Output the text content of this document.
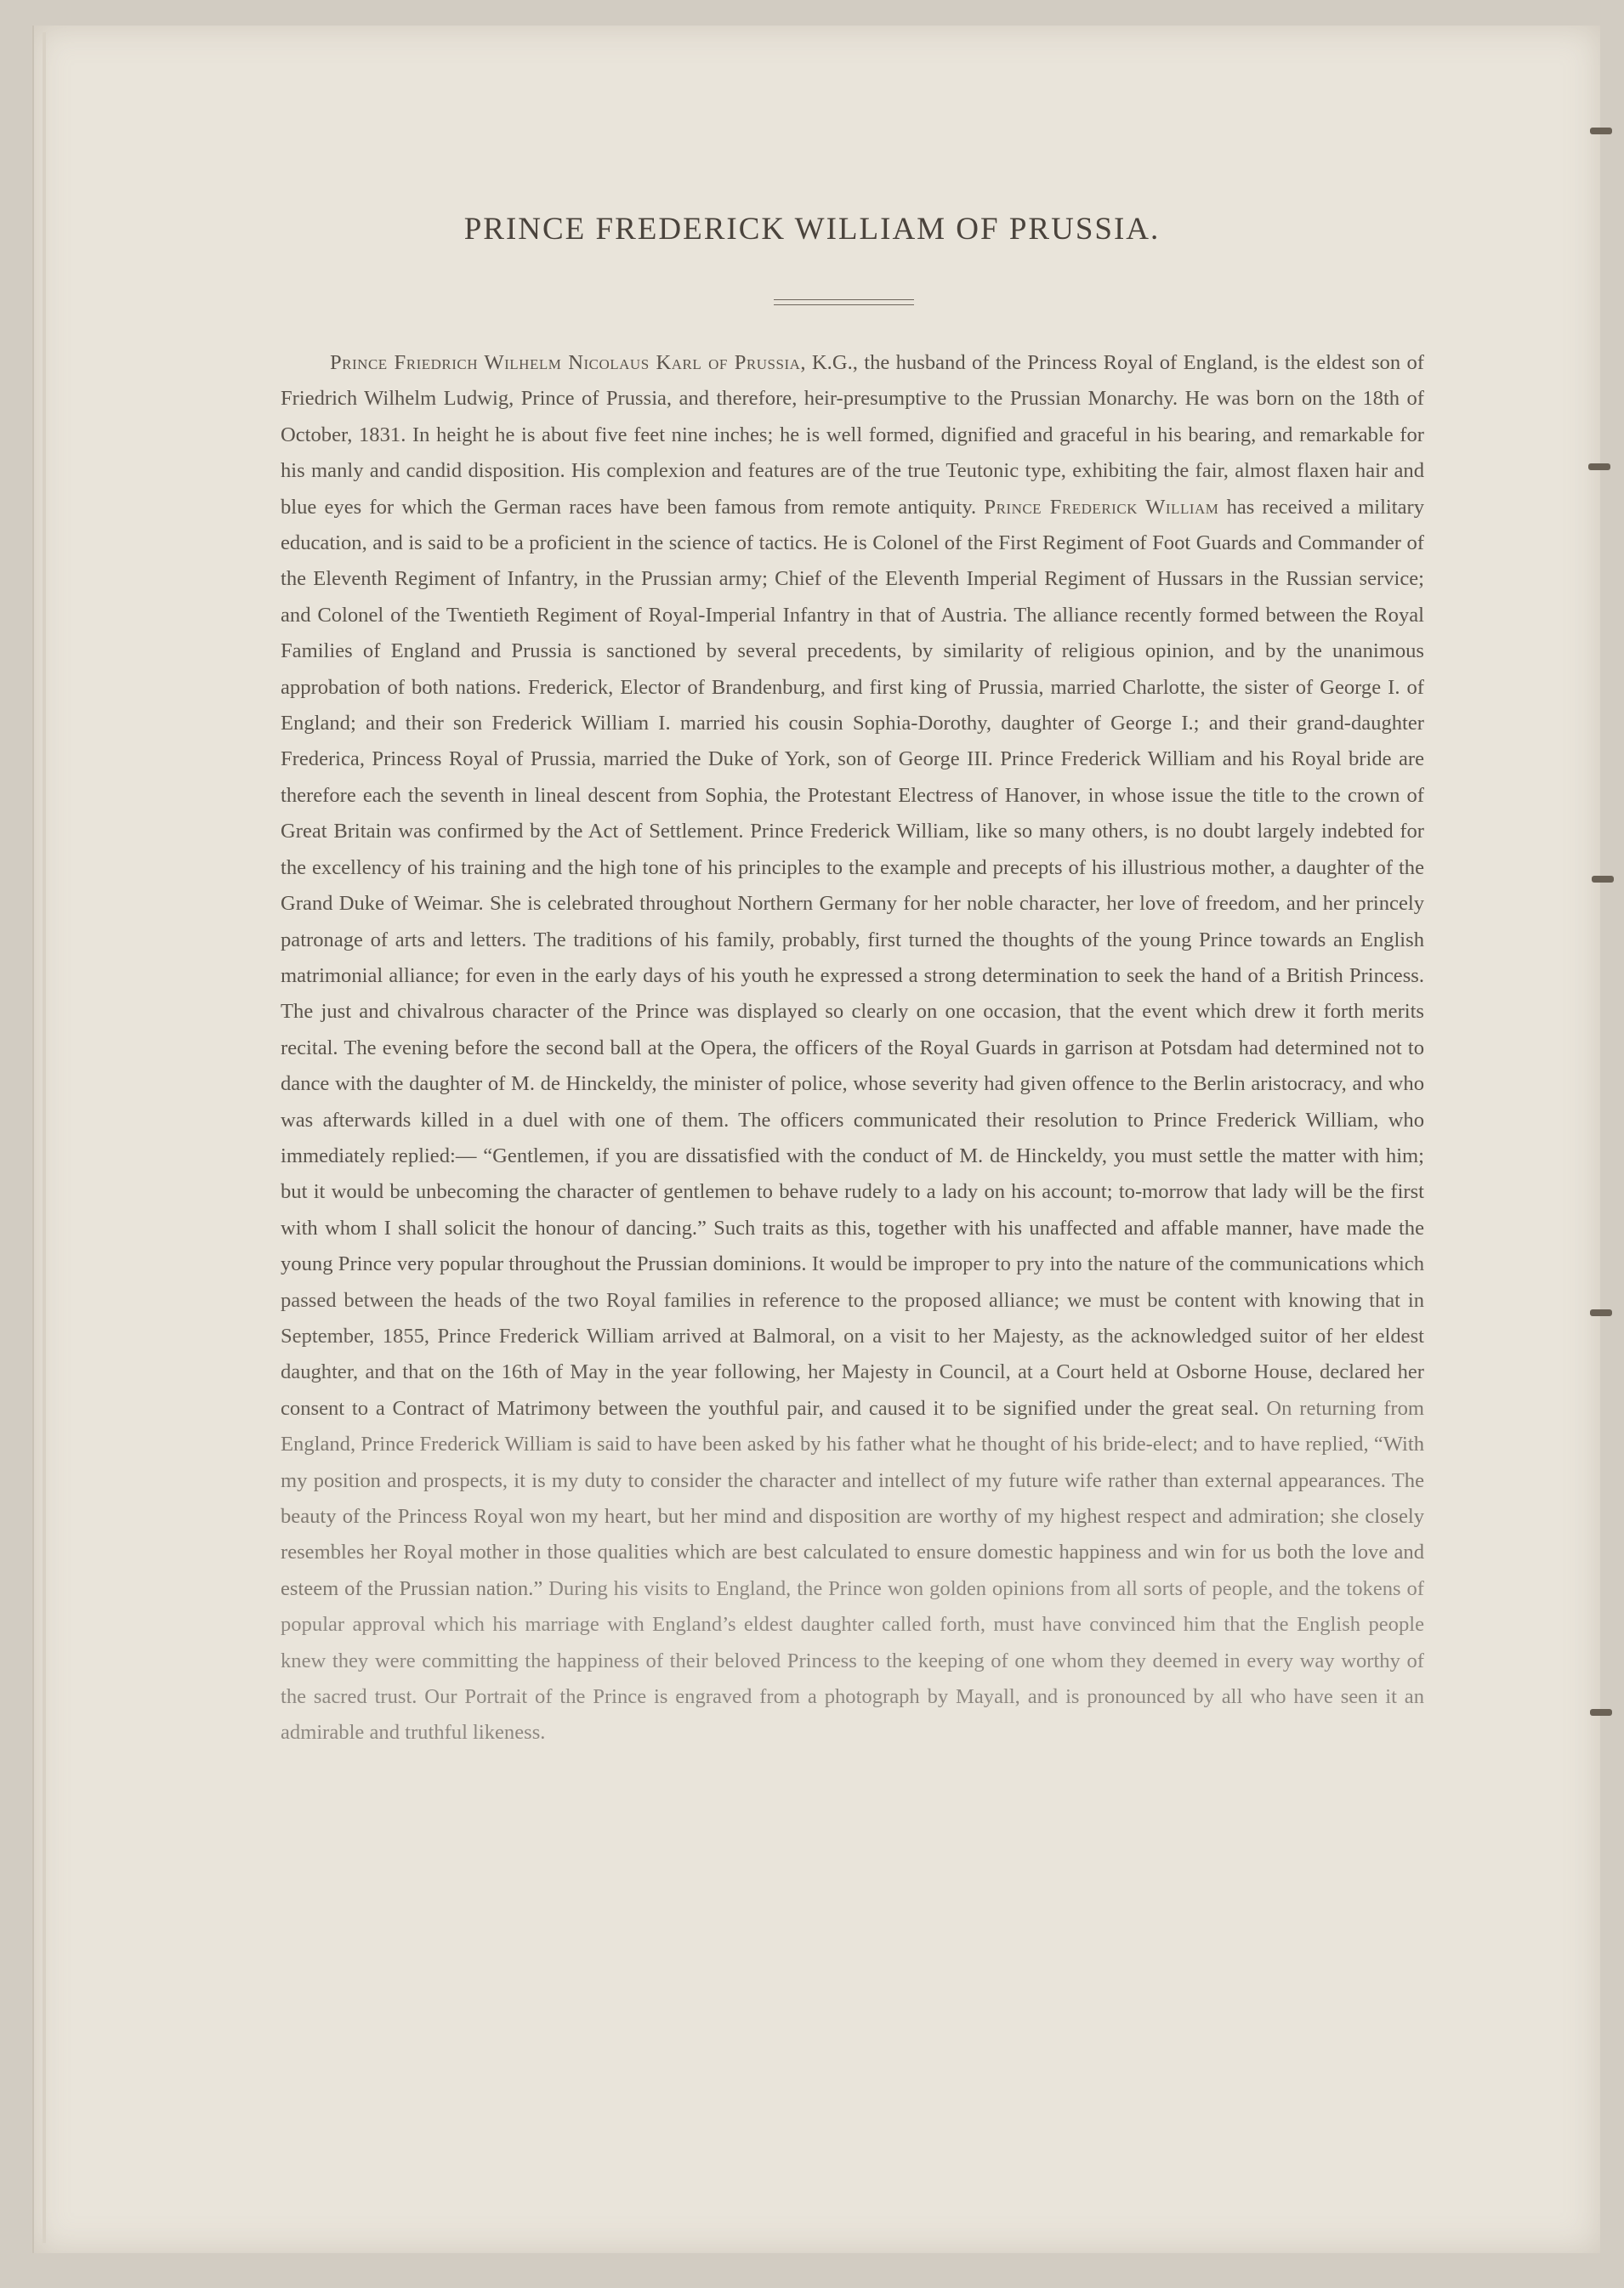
PRINCE FREDERICK WILLIAM OF PRUSSIA.

Prince Friedrich Wilhelm Nicolaus Karl of Prussia, K.G., the husband of the Princess Royal of England, is the eldest son of Friedrich Wilhelm Ludwig, Prince of Prussia, and therefore, heir-presumptive to the Prussian Monarchy. He was born on the 18th of October, 1831. In height he is about five feet nine inches; he is well formed, dignified and graceful in his bearing, and remarkable for his manly and candid disposition. His complexion and features are of the true Teutonic type, exhibiting the fair, almost flaxen hair and blue eyes for which the German races have been famous from remote antiquity. Prince Frederick William has received a military education, and is said to be a proficient in the science of tactics. He is Colonel of the First Regiment of Foot Guards and Commander of the Eleventh Regiment of Infantry, in the Prussian army; Chief of the Eleventh Imperial Regiment of Hussars in the Russian service; and Colonel of the Twentieth Regiment of Royal-Imperial Infantry in that of Austria. The alliance recently formed between the Royal Families of England and Prussia is sanctioned by several precedents, by similarity of religious opinion, and by the unanimous approbation of both nations. Frederick, Elector of Brandenburg, and first king of Prussia, married Charlotte, the sister of George I. of England; and their son Frederick William I. married his cousin Sophia-Dorothy, daughter of George I.; and their grand-daughter Frederica, Princess Royal of Prussia, married the Duke of York, son of George III. Prince Frederick William and his Royal bride are therefore each the seventh in lineal descent from Sophia, the Protestant Electress of Hanover, in whose issue the title to the crown of Great Britain was confirmed by the Act of Settlement. Prince Frederick William, like so many others, is no doubt largely indebted for the excellency of his training and the high tone of his principles to the example and precepts of his illustrious mother, a daughter of the Grand Duke of Weimar. She is celebrated throughout Northern Germany for her noble character, her love of freedom, and her princely patronage of arts and letters. The traditions of his family, probably, first turned the thoughts of the young Prince towards an English matrimonial alliance; for even in the early days of his youth he expressed a strong determination to seek the hand of a British Princess. The just and chivalrous character of the Prince was displayed so clearly on one occasion, that the event which drew it forth merits recital. The evening before the second ball at the Opera, the officers of the Royal Guards in garrison at Potsdam had determined not to dance with the daughter of M. de Hinckeldy, the minister of police, whose severity had given offence to the Berlin aristocracy, and who was afterwards killed in a duel with one of them. The officers communicated their resolution to Prince Frederick William, who immediately replied:— “Gentlemen, if you are dissatisfied with the conduct of M. de Hinckeldy, you must settle the matter with him; but it would be unbecoming the character of gentlemen to behave rudely to a lady on his account; to-morrow that lady will be the first with whom I shall solicit the honour of dancing.” Such traits as this, together with his unaffected and affable manner, have made the young Prince very popular throughout the Prussian dominions. It would be improper to pry into the nature of the communications which passed between the heads of the two Royal families in reference to the proposed alliance; we must be content with knowing that in September, 1855, Prince Frederick William arrived at Balmoral, on a visit to her Majesty, as the acknowledged suitor of her eldest daughter, and that on the 16th of May in the year following, her Majesty in Council, at a Court held at Osborne House, declared her consent to a Contract of Matrimony between the youthful pair, and caused it to be signified under the great seal. On returning from England, Prince Frederick William is said to have been asked by his father what he thought of his bride-elect; and to have replied, “With my position and prospects, it is my duty to consider the character and intellect of my future wife rather than external appearances. The beauty of the Princess Royal won my heart, but her mind and disposition are worthy of my highest respect and admiration; she closely resembles her Royal mother in those qualities which are best calculated to ensure domestic happiness and win for us both the love and esteem of the Prussian nation.” During his visits to England, the Prince won golden opinions from all sorts of people, and the tokens of popular approval which his marriage with England’s eldest daughter called forth, must have convinced him that the English people knew they were committing the happiness of their beloved Princess to the keeping of one whom they deemed in every way worthy of the sacred trust. Our Portrait of the Prince is engraved from a photograph by Mayall, and is pronounced by all who have seen it an admirable and truthful likeness.
